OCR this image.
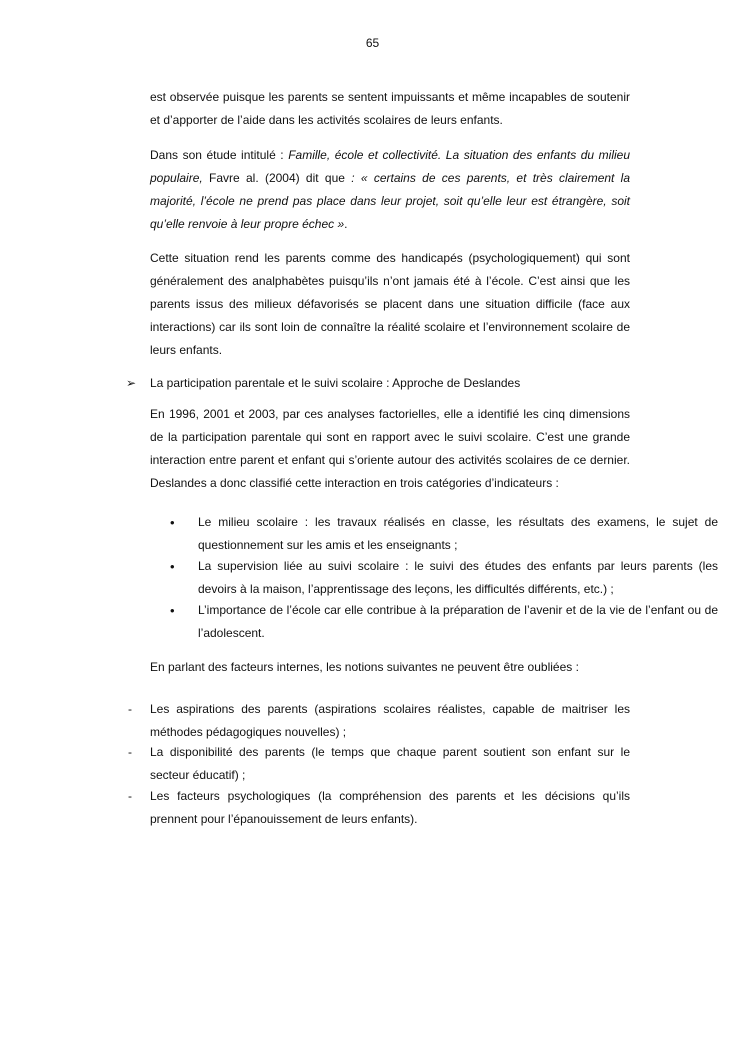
65
est observée puisque les parents se sentent impuissants et même incapables de soutenir et d’apporter de l’aide dans les activités scolaires de leurs enfants.
Dans son étude intitulé : Famille, école et collectivité. La situation des enfants du milieu populaire, Favre al. (2004) dit que : « certains de ces parents, et très clairement la majorité, l’école ne prend pas place dans leur projet, soit qu’elle leur est étrangère, soit qu’elle renvoie à leur propre échec ».
Cette situation rend les parents comme des handicapés (psychologiquement) qui sont généralement des analphabètes puisqu’ils n’ont jamais été à l’école. C’est ainsi que les parents issus des milieux défavorisés se placent dans une situation difficile (face aux interactions) car ils sont loin de connaître la réalité scolaire et l’environnement scolaire de leurs enfants.
➢ La participation parentale et le suivi scolaire : Approche de Deslandes
En 1996, 2001 et 2003, par ces analyses factorielles, elle a identifié les cinq dimensions de la participation parentale qui sont en rapport avec le suivi scolaire. C’est une grande interaction entre parent et enfant qui s’oriente autour des activités scolaires de ce dernier. Deslandes a donc classifié cette interaction en trois catégories d’indicateurs :
• Le milieu scolaire : les travaux réalisés en classe, les résultats des examens, le sujet de questionnement sur les amis et les enseignants ;
• La supervision liée au suivi scolaire : le suivi des études des enfants par leurs parents (les devoirs à la maison, l’apprentissage des leçons, les difficultés différents, etc.) ;
• L’importance de l’école car elle contribue à la préparation de l’avenir et de la vie de l’enfant ou de l’adolescent.
En parlant des facteurs internes, les notions suivantes ne peuvent être oubliées :
- Les aspirations des parents (aspirations scolaires réalistes, capable de maitriser les méthodes pédagogiques nouvelles) ;
- La disponibilité des parents (le temps que chaque parent soutient son enfant sur le secteur éducatif) ;
- Les facteurs psychologiques (la compréhension des parents et les décisions qu’ils prennent pour l’épanouissement de leurs enfants).
